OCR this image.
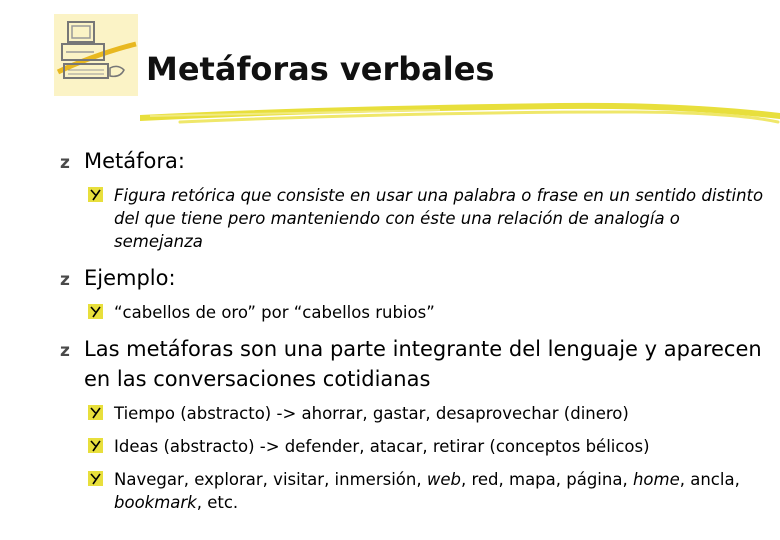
Metáforas verbales
z Metáfora:
Figura retórica que consiste en usar una palabra o frase en un sentido distinto del que tiene pero manteniendo con éste una relación de analogía o semejanza
z Ejemplo:
“cabellos de oro” por “cabellos rubios”
z Las metáforas son una parte integrante del lenguaje y aparecen en las conversaciones cotidianas
Tiempo (abstracto) -> ahorrar, gastar, desaprovechar (dinero)
Ideas (abstracto) -> defender, atacar, retirar (conceptos bélicos)
Navegar, explorar, visitar, inmersión, web, red, mapa, página, home, ancla, bookmark, etc.
